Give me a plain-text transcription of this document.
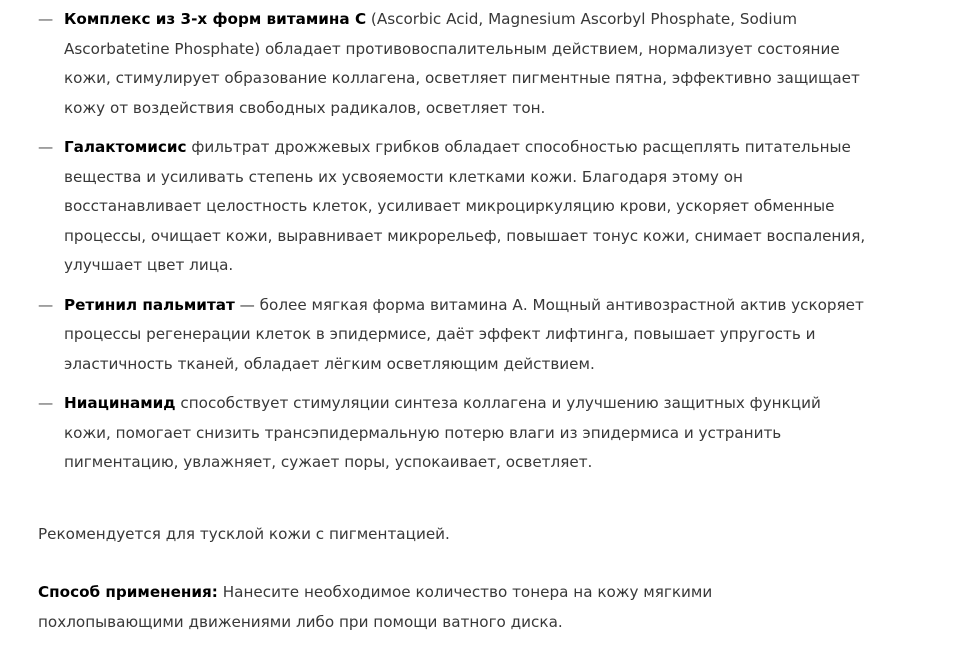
— Комплекс из 3-х форм витамина С (Ascorbic Acid, Magnesium Ascorbyl Phosphate, Sodium Ascorbatetine Phosphate) обладает противовоспалительным действием, нормализует состояние кожи, стимулирует образование коллагена, осветляет пигментные пятна, эффективно защищает кожу от воздействия свободных радикалов, осветляет тон.
— Галактомисис фильтрат дрожжевых грибков обладает способностью расщеплять питательные вещества и усиливать степень их усвояемости клетками кожи. Благодаря этому он восстанавливает целостность клеток, усиливает микроциркуляцию крови, ускоряет обменные процессы, очищает кожи, выравнивает микрорельеф, повышает тонус кожи, снимает воспаления, улучшает цвет лица.
— Ретинил пальмитат — более мягкая форма витамина А. Мощный антивозрастной актив ускоряет процессы регенерации клеток в эпидермисе, даёт эффект лифтинга, повышает упругость и эластичность тканей, обладает лёгким осветляющим действием.
— Ниацинамид способствует стимуляции синтеза коллагена и улучшению защитных функций кожи, помогает снизить трансэпидермальную потерю влаги из эпидермиса и устранить пигментацию, увлажняет, сужает поры, успокаивает, осветляет.

Рекомендуется для тусклой кожи с пигментацией.

Способ применения: Нанесите необходимое количество тонера на кожу мягкими похлопывающими движениями либо при помощи ватного диска.
